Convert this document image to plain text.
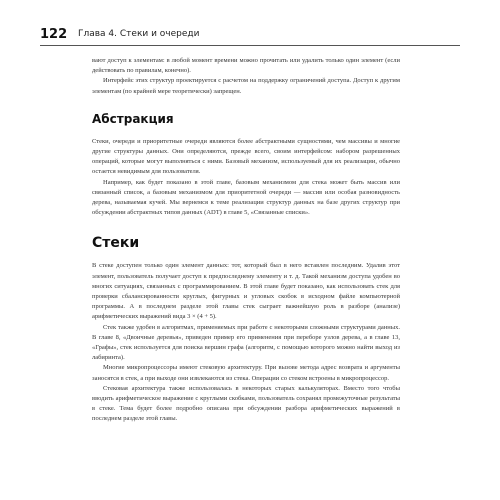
122 Глава 4. Стеки и очереди

вают доступ к элементам: в любой момент времени можно прочитать или удалить только один элемент (если действовать по правилам, конечно).

Интерфейс этих структур проектируется с расчетом на поддержку ограничений доступа. Доступ к другим элементам (по крайней мере теоретически) запрещен.

Абстракция

Стеки, очереди и приоритетные очереди являются более абстрактными сущностями, чем массивы и многие другие структуры данных. Они определяются, прежде всего, своим интерфейсом: набором разрешенных операций, которые могут выполняться с ними. Базовый механизм, используемый для их реализации, обычно остается невидимым для пользователя.

Например, как будет показано в этой главе, базовым механизмом для стека может быть массив или связанный список, а базовым механизмом для приоритетной очереди — массив или особая разновидность дерева, называемая кучей. Мы вернемся к теме реализации структур данных на базе других структур при обсуждении абстрактных типов данных (ADT) в главе 5, «Связанные списки».

Стеки

В стеке доступен только один элемент данных: тот, который был в него вставлен последним. Удалив этот элемент, пользователь получает доступ к предпоследнему элементу и т. д. Такой механизм доступа удобен во многих ситуациях, связанных с программированием. В этой главе будет показано, как использовать стек для проверки сбалансированности круглых, фигурных и угловых скобок в исходном файле компьютерной программы. А в последнем разделе этой главы стек сыграет важнейшую роль в разборе (анализе) арифметических выражений вида 3 × (4 + 5).

Стек также удобен в алгоритмах, применяемых при работе с некоторыми сложными структурами данных. В главе 8, «Двоичные деревья», приведен пример его применения при переборе узлов дерева, а в главе 13, «Графы», стек используется для поиска вершин графа (алгоритм, с помощью которого можно найти выход из лабиринта).

Многие микропроцессоры имеют стековую архитектуру. При вызове метода адрес возврата и аргументы заносятся в стек, а при выходе они извлекаются из стека. Операции со стеком встроены в микропроцессор.

Стековая архитектура также использовалась в некоторых старых калькуляторах. Вместо того чтобы вводить арифметическое выражение с круглыми скобками, пользователь сохранял промежуточные результаты в стеке. Тема будет более подробно описана при обсуждении разбора арифметических выражений в последнем разделе этой главы.
